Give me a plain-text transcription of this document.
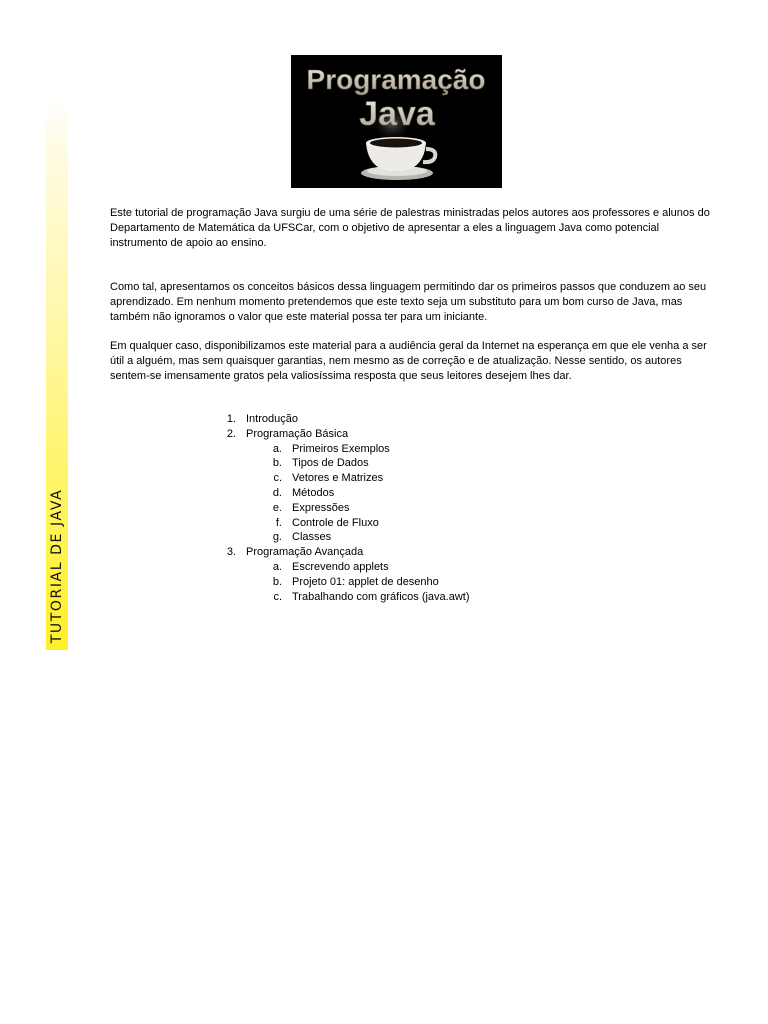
TUTORIAL DE JAVA
Programação
Java

Este tutorial de programação Java surgiu de uma série de palestras ministradas pelos autores aos professores e alunos do Departamento de Matemática da UFSCar, com o objetivo de apresentar a eles a linguagem Java como potencial instrumento de apoio ao ensino.

Como tal, apresentamos os conceitos básicos dessa linguagem permitindo dar os primeiros passos que conduzem ao seu aprendizado. Em nenhum momento pretendemos que este texto seja um substituto para um bom curso de Java, mas também não ignoramos o valor que este material possa ter para um iniciante.

Em qualquer caso, disponibilizamos este material para a audiência geral da Internet na esperança em que ele venha a ser útil a alguém, mas sem quaisquer garantias, nem mesmo as de correção e de atualização. Nesse sentido, os autores sentem-se imensamente gratos pela valiosíssima resposta que seus leitores desejem lhes dar.

1. Introdução
2. Programação Básica
a. Primeiros Exemplos
b. Tipos de Dados
c. Vetores e Matrizes
d. Métodos
e. Expressões
f. Controle de Fluxo
g. Classes
3. Programação Avançada
a. Escrevendo applets
b. Projeto 01: applet de desenho
c. Trabalhando com gráficos (java.awt)
